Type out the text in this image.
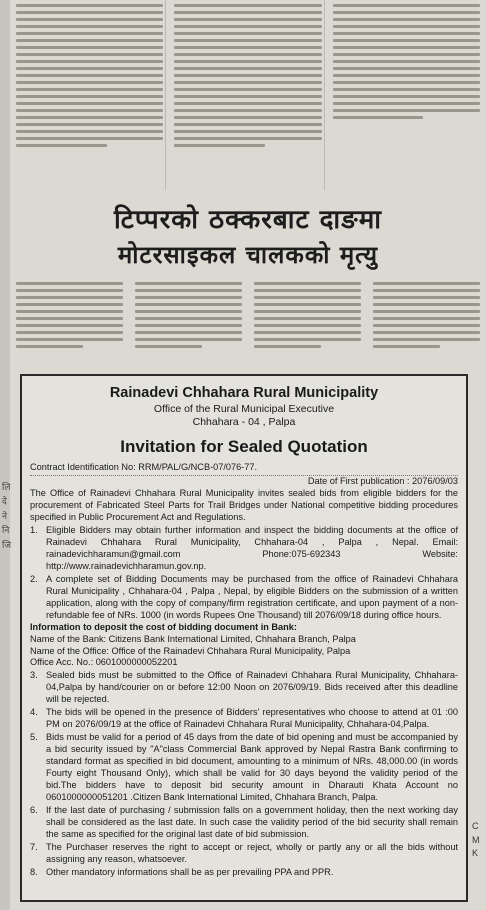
टिप्परको ठक्करबाट दाङमा
मोटरसाइकल चालकको मृत्यु
लि
दे
ने
नि
जि
Rainadevi Chhahara Rural Municipality
Office of the Rural Municipal Executive
Chhahara - 04 , Palpa
Invitation for Sealed Quotation
Contract Identification No: RRM/PAL/G/NCB-07/076-77.
Date of First publication : 2076/09/03
The Office of Rainadevi Chhahara Rural Municipality invites sealed bids from eligible bidders for the procurement of Fabricated Steel Parts for Trail Bridges under National competitive bidding procedures specified in Public Procurement Act and Regulations.
1. Eligible Bidders may obtain further information and inspect the bidding documents at the office of Rainadevi Chhahara Rural Municipality, Chhahara-04 , Palpa , Nepal. Email: rainadevichharamun@gmail.com Phone:075-692343 Website: http://www.rainadevichharamun.gov.np.
2. A complete set of Bidding Documents may be purchased from the office of Rainadevi Chhahara Rural Municipality , Chhahara-04 , Palpa , Nepal, by eligible Bidders on the submission of a written application, along with the copy of company/firm registration certificate, and upon payment of a non-refundable fee of NRs. 1000 (in words Rupees One Thousand) till 2076/09/18 during office hours.
Information to deposit the cost of bidding document in Bank:
Name of the Bank: Citizens Bank International Limited, Chhahara Branch, Palpa
Name of the Office: Office of the Rainadevi Chhahara Rural Municipality, Palpa
Office Acc. No.: 0601000000052201
3. Sealed bids must be submitted to the Office of Rainadevi Chhahara Rural Municipality, Chhahara-04,Palpa by hand/courier on or before 12:00 Noon on 2076/09/19. Bids received after this deadline will be rejected.
4. The bids will be opened in the presence of Bidders' representatives who choose to attend at 01 :00 PM on 2076/09/19 at the office of Rainadevi Chhahara Rural Municipality, Chhahara-04,Palpa.
5. Bids must be valid for a period of 45 days from the date of bid opening and must be accompanied by a bid security issued by "A"class Commercial Bank approved by Nepal Rastra Bank confirming to standard format as specified in bid document, amounting to a minimum of NRs. 48,000.00 (in words Fourty eight Thousand Only), which shall be valid for 30 days beyond the validity period of the bid.The bidders have to deposit bid security amount in Dharauti Khata Account no 0601000000051201 .Citizen Bank International Limited, Chhahara Branch, Palpa.
6. If the last date of purchasing / submission falls on a government holiday, then the next working day shall be considered as the last date. In such case the validity period of the bid security shall remain the same as specified for the original last date of bid submission.
7. The Purchaser reserves the right to accept or reject, wholly or partly any or all the bids without assigning any reason, whatsoever.
8. Other mandatory informations shall be as per prevailing PPA and PPR.
C
M
K
